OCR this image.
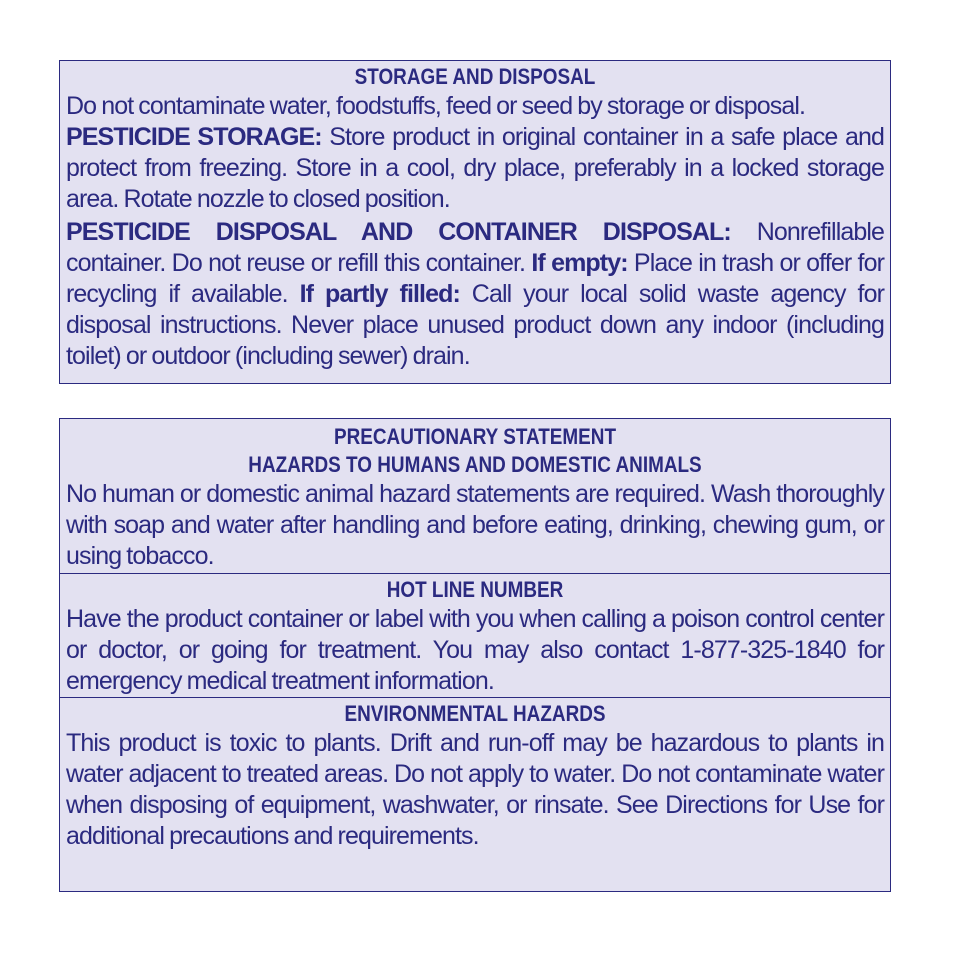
STORAGE AND DISPOSAL

Do not contaminate water, foodstuffs, feed or seed by storage or disposal.

PESTICIDE STORAGE: Store product in original container in a safe place and protect from freezing. Store in a cool, dry place, preferably in a locked storage area. Rotate nozzle to closed position.

PESTICIDE DISPOSAL AND CONTAINER DISPOSAL: Nonrefillable container. Do not reuse or refill this container. If empty: Place in trash or offer for recycling if available. If partly filled: Call your local solid waste agency for disposal instructions. Never place unused product down any indoor (including toilet) or outdoor (including sewer) drain.

PRECAUTIONARY STATEMENT
HAZARDS TO HUMANS AND DOMESTIC ANIMALS

No human or domestic animal hazard statements are required. Wash thoroughly with soap and water after handling and before eating, drinking, chewing gum, or using tobacco.

HOT LINE NUMBER

Have the product container or label with you when calling a poison control center or doctor, or going for treatment. You may also contact 1-877-325-1840 for emergency medical treatment information.

ENVIRONMENTAL HAZARDS

This product is toxic to plants. Drift and run-off may be hazardous to plants in water adjacent to treated areas. Do not apply to water. Do not contaminate water when disposing of equipment, washwater, or rinsate. See Directions for Use for additional precautions and requirements.
